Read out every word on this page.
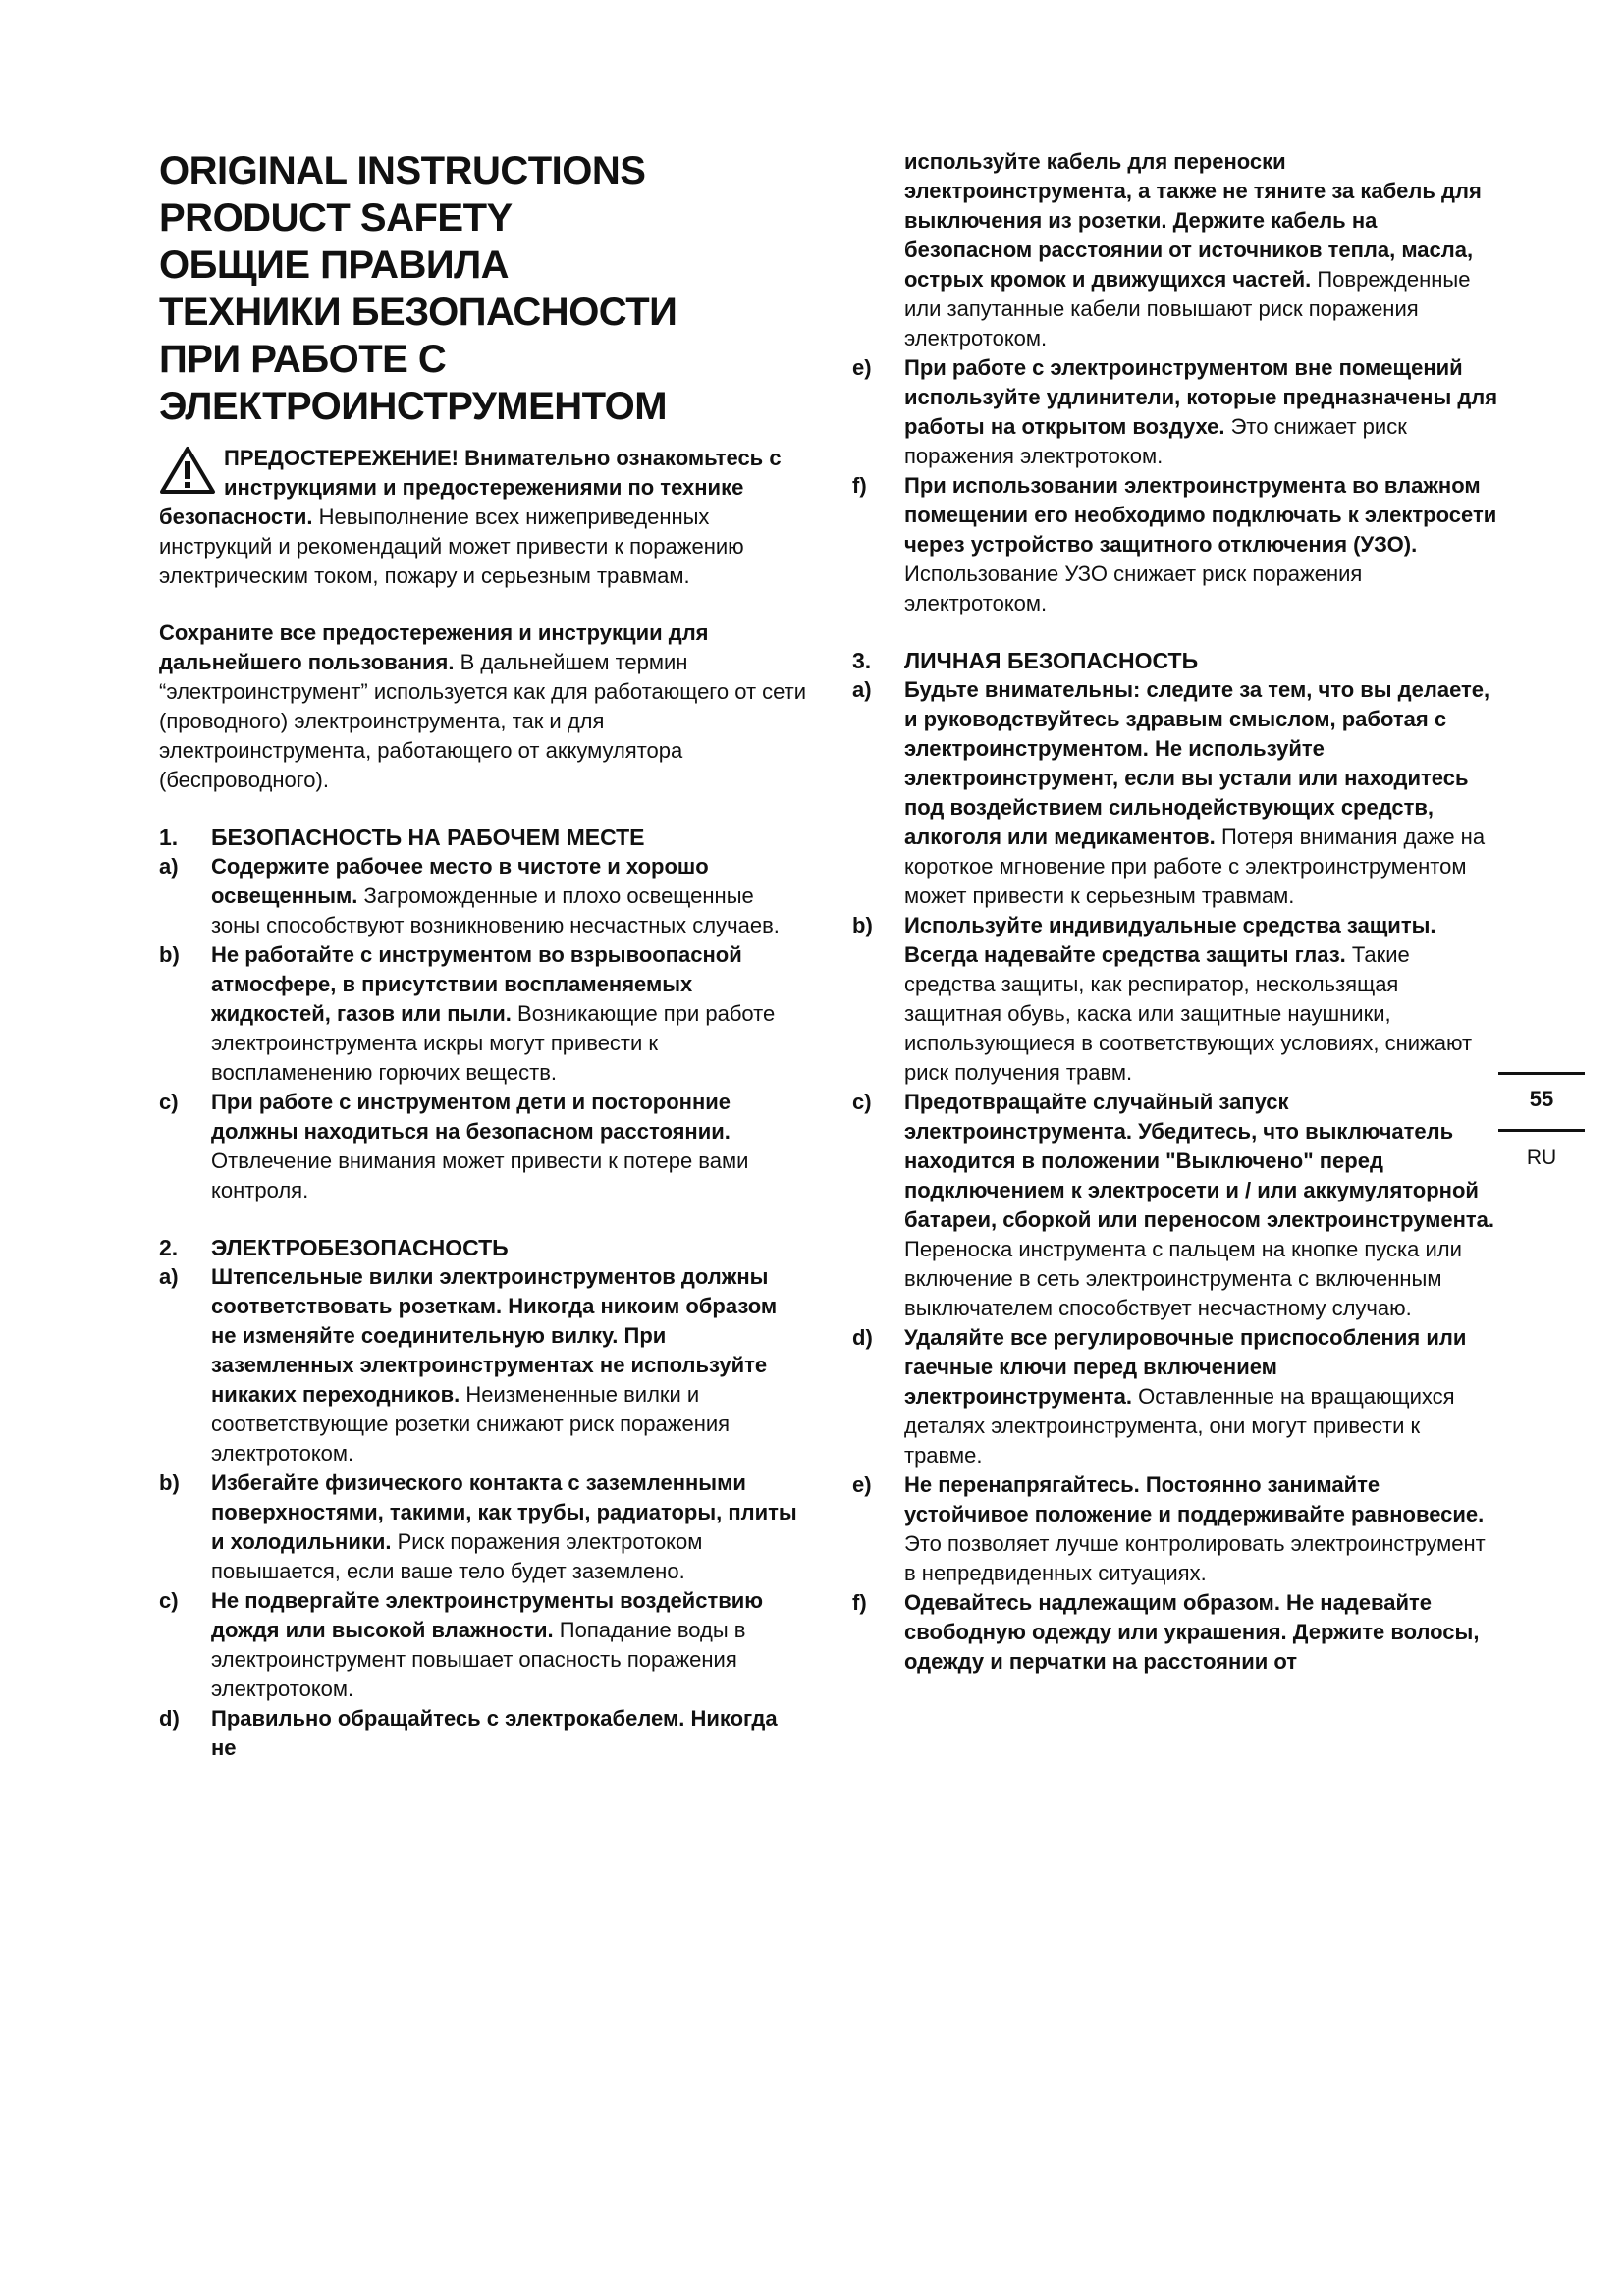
ORIGINAL INSTRUCTIONS
PRODUCT SAFETY
ОБЩИЕ ПРАВИЛА
ТЕХНИКИ БЕЗОПАСНОСТИ
ПРИ РАБОТЕ С
ЭЛЕКТРОИНСТРУМЕНТОМ
ПРЕДОСТЕРЕЖЕНИЕ! Внимательно ознакомьтесь с инструкциями и предостережениями по технике безопасности. Невыполнение всех нижеприведенных инструкций и рекомендаций может привести к поражению электрическим током, пожару и серьезным травмам.

Сохраните все предостережения и инструкции для дальнейшего пользования. В дальнейшем термин “электроинструмент” используется как для работающего от сети (проводного) электроинструмента, так и для электроинструмента, работающего от аккумулятора (беспроводного).

1.	БЕЗОПАСНОСТЬ НА РАБОЧЕМ МЕСТЕ
a)	Содержите рабочее место в чистоте и хорошо освещенным. Загроможденные и плохо освещенные зоны способствуют возникновению несчастных случаев.
b)	Не работайте с инструментом во взрывоопасной атмосфере, в присутствии воспламеняемых жидкостей, газов или пыли. Возникающие при работе электроинструмента искры могут привести к воспламенению горючих веществ.
c)	При работе с инструментом дети и посторонние должны находиться на безопасном расстоянии. Отвлечение внимания может привести к потере вами контроля.
2.	ЭЛЕКТРОБЕЗОПАСНОСТЬ
a)	Штепсельные вилки электроинструментов должны соответствовать розеткам. Никогда никоим образом не изменяйте соединительную вилку. При заземленных электроинструментах не используйте никаких переходников. Неизмененные вилки и соответствующие розетки снижают риск поражения электротоком.
b)	Избегайте физического контакта с заземленными поверхностями, такими, как трубы, радиаторы, плиты и холодильники. Риск поражения электротоком повышается, если ваше тело будет заземлено.
c)	Не подвергайте электроинструменты воздействию дождя или высокой влажности. Попадание воды в электроинструмент повышает опасность поражения электротоком.
d)	Правильно обращайтесь с электрокабелем. Никогда не

используйте кабель для переноски электроинструмента, а также не тяните за кабель для выключения из розетки. Держите кабель на безопасном расстоянии от источников тепла, масла, острых кромок и движущихся частей. Поврежденные или запутанные кабели повышают риск поражения электротоком.

e)	При работе с электроинструментом вне помещений используйте удлинители, которые предназначены для работы на открытом воздухе. Это снижает риск поражения электротоком.
f)	При использовании электроинструмента во влажном помещении его необходимо подключать к электросети через устройство защитного отключения (УЗО). Использование УЗО снижает риск поражения электротоком.
3.	ЛИЧНАЯ БЕЗОПАСНОСТЬ
a)	Будьте внимательны: следите за тем, что вы делаете, и руководствуйтесь здравым смыслом, работая с электроинструментом. Не используйте электроинструмент, если вы устали или находитесь под воздействием сильнодействующих средств, алкоголя или медикаментов. Потеря внимания даже на короткое мгновение при работе с электроинструментом может привести к серьезным травмам.
b)	Используйте индивидуальные средства защиты. Всегда надевайте средства защиты глаз. Такие средства защиты, как респиратор, нескользящая защитная обувь, каска или защитные наушники, использующиеся в соответствующих условиях, снижают риск получения травм.
c)	Предотвращайте случайный запуск электроинструмента. Убедитесь, что выключатель находится в положении "Выключено" перед подключением к электросети и / или аккумуляторной батареи, сборкой или переносом электроинструмента. Переноска инструмента с пальцем на кнопке пуска или включение в сеть электроинструмента с включенным выключателем способствует несчастному случаю.
d)	Удаляйте все регулировочные приспособления или гаечные ключи перед включением электроинструмента. Оставленные на вращающихся деталях электроинструмента, они могут привести к травме.
e)	Не перенапрягайтесь. Постоянно занимайте устойчивое положение и поддерживайте равновесие. Это позволяет лучше контролировать электроинструмент в непредвиденных ситуациях.
f)	Одевайтесь надлежащим образом. Не надевайте свободную одежду или украшения. Держите волосы, одежду и перчатки на расстоянии от
55
RU
